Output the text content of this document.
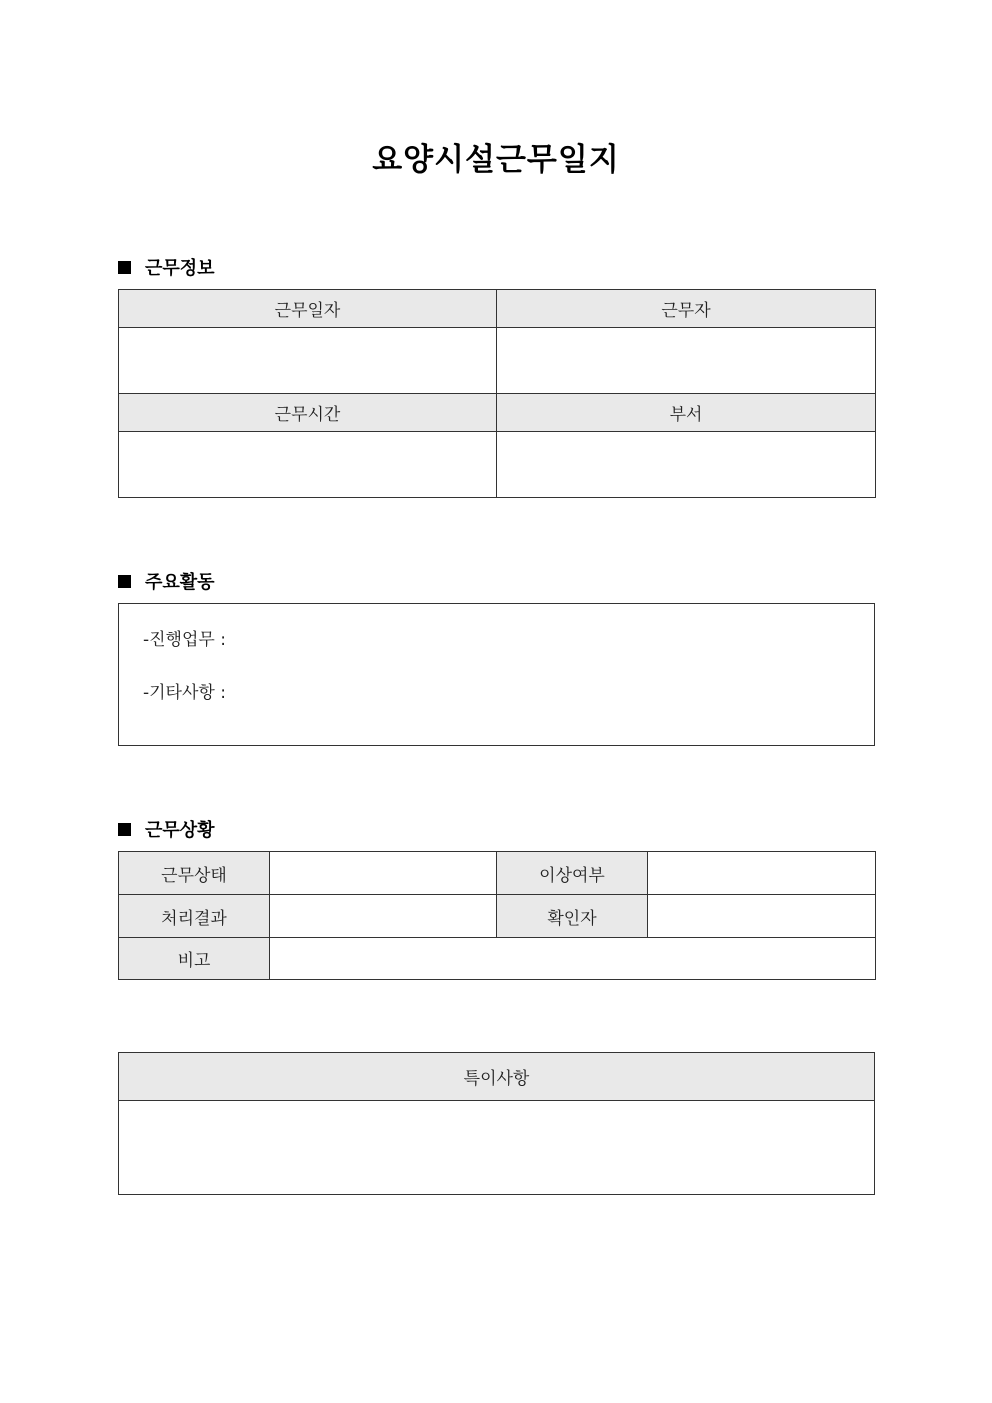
요양시설근무일지
근무정보
근무일자	근무자

근무시간	부서

주요활동
-진행업무 :
-기타사항 :
근무상황
근무상태		이상여부	
처리결과		확인자	
비고			
특이사항
